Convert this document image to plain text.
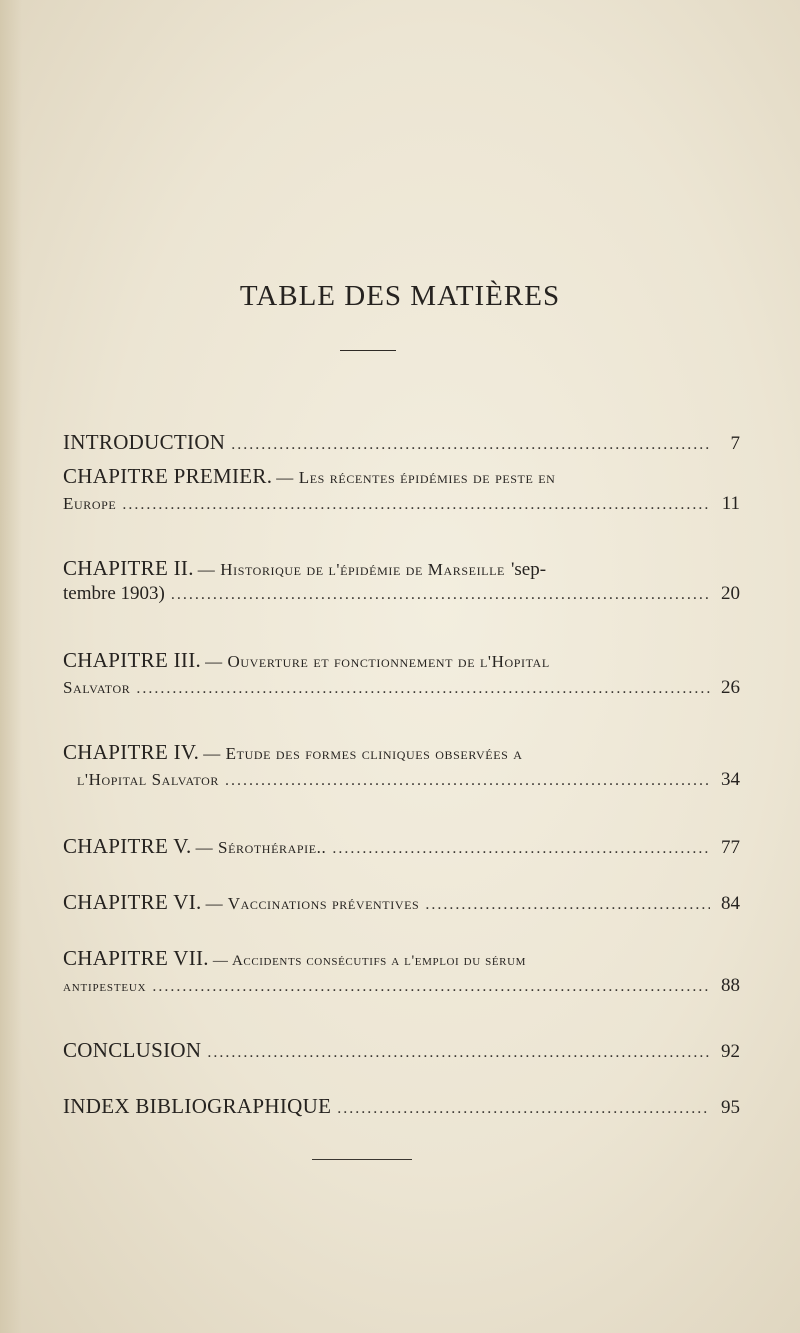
TABLE DES MATIÈRES
INTRODUCTION .....	7
CHAPITRE PREMIER. — Les récentes épidémies de peste en
Europe .....	11
CHAPITRE II. — Historique de l'épidémie de Marseille 'sep-
tembre 1903) .....	20
CHAPITRE III. — Ouverture et fonctionnement de l'Hopital
Salvator .....	26
CHAPITRE IV. — Etude des formes cliniques observées a
l'Hopital Salvator .....	34
CHAPITRE V. — Sérothérapie.. .....	77
CHAPITRE VI. — Vaccinations préventives .....	84
CHAPITRE VII. — Accidents consécutifs a l'emploi du sérum
antipesteux .....	88
CONCLUSION .....	92
INDEX BIBLIOGRAPHIQUE .....	95
